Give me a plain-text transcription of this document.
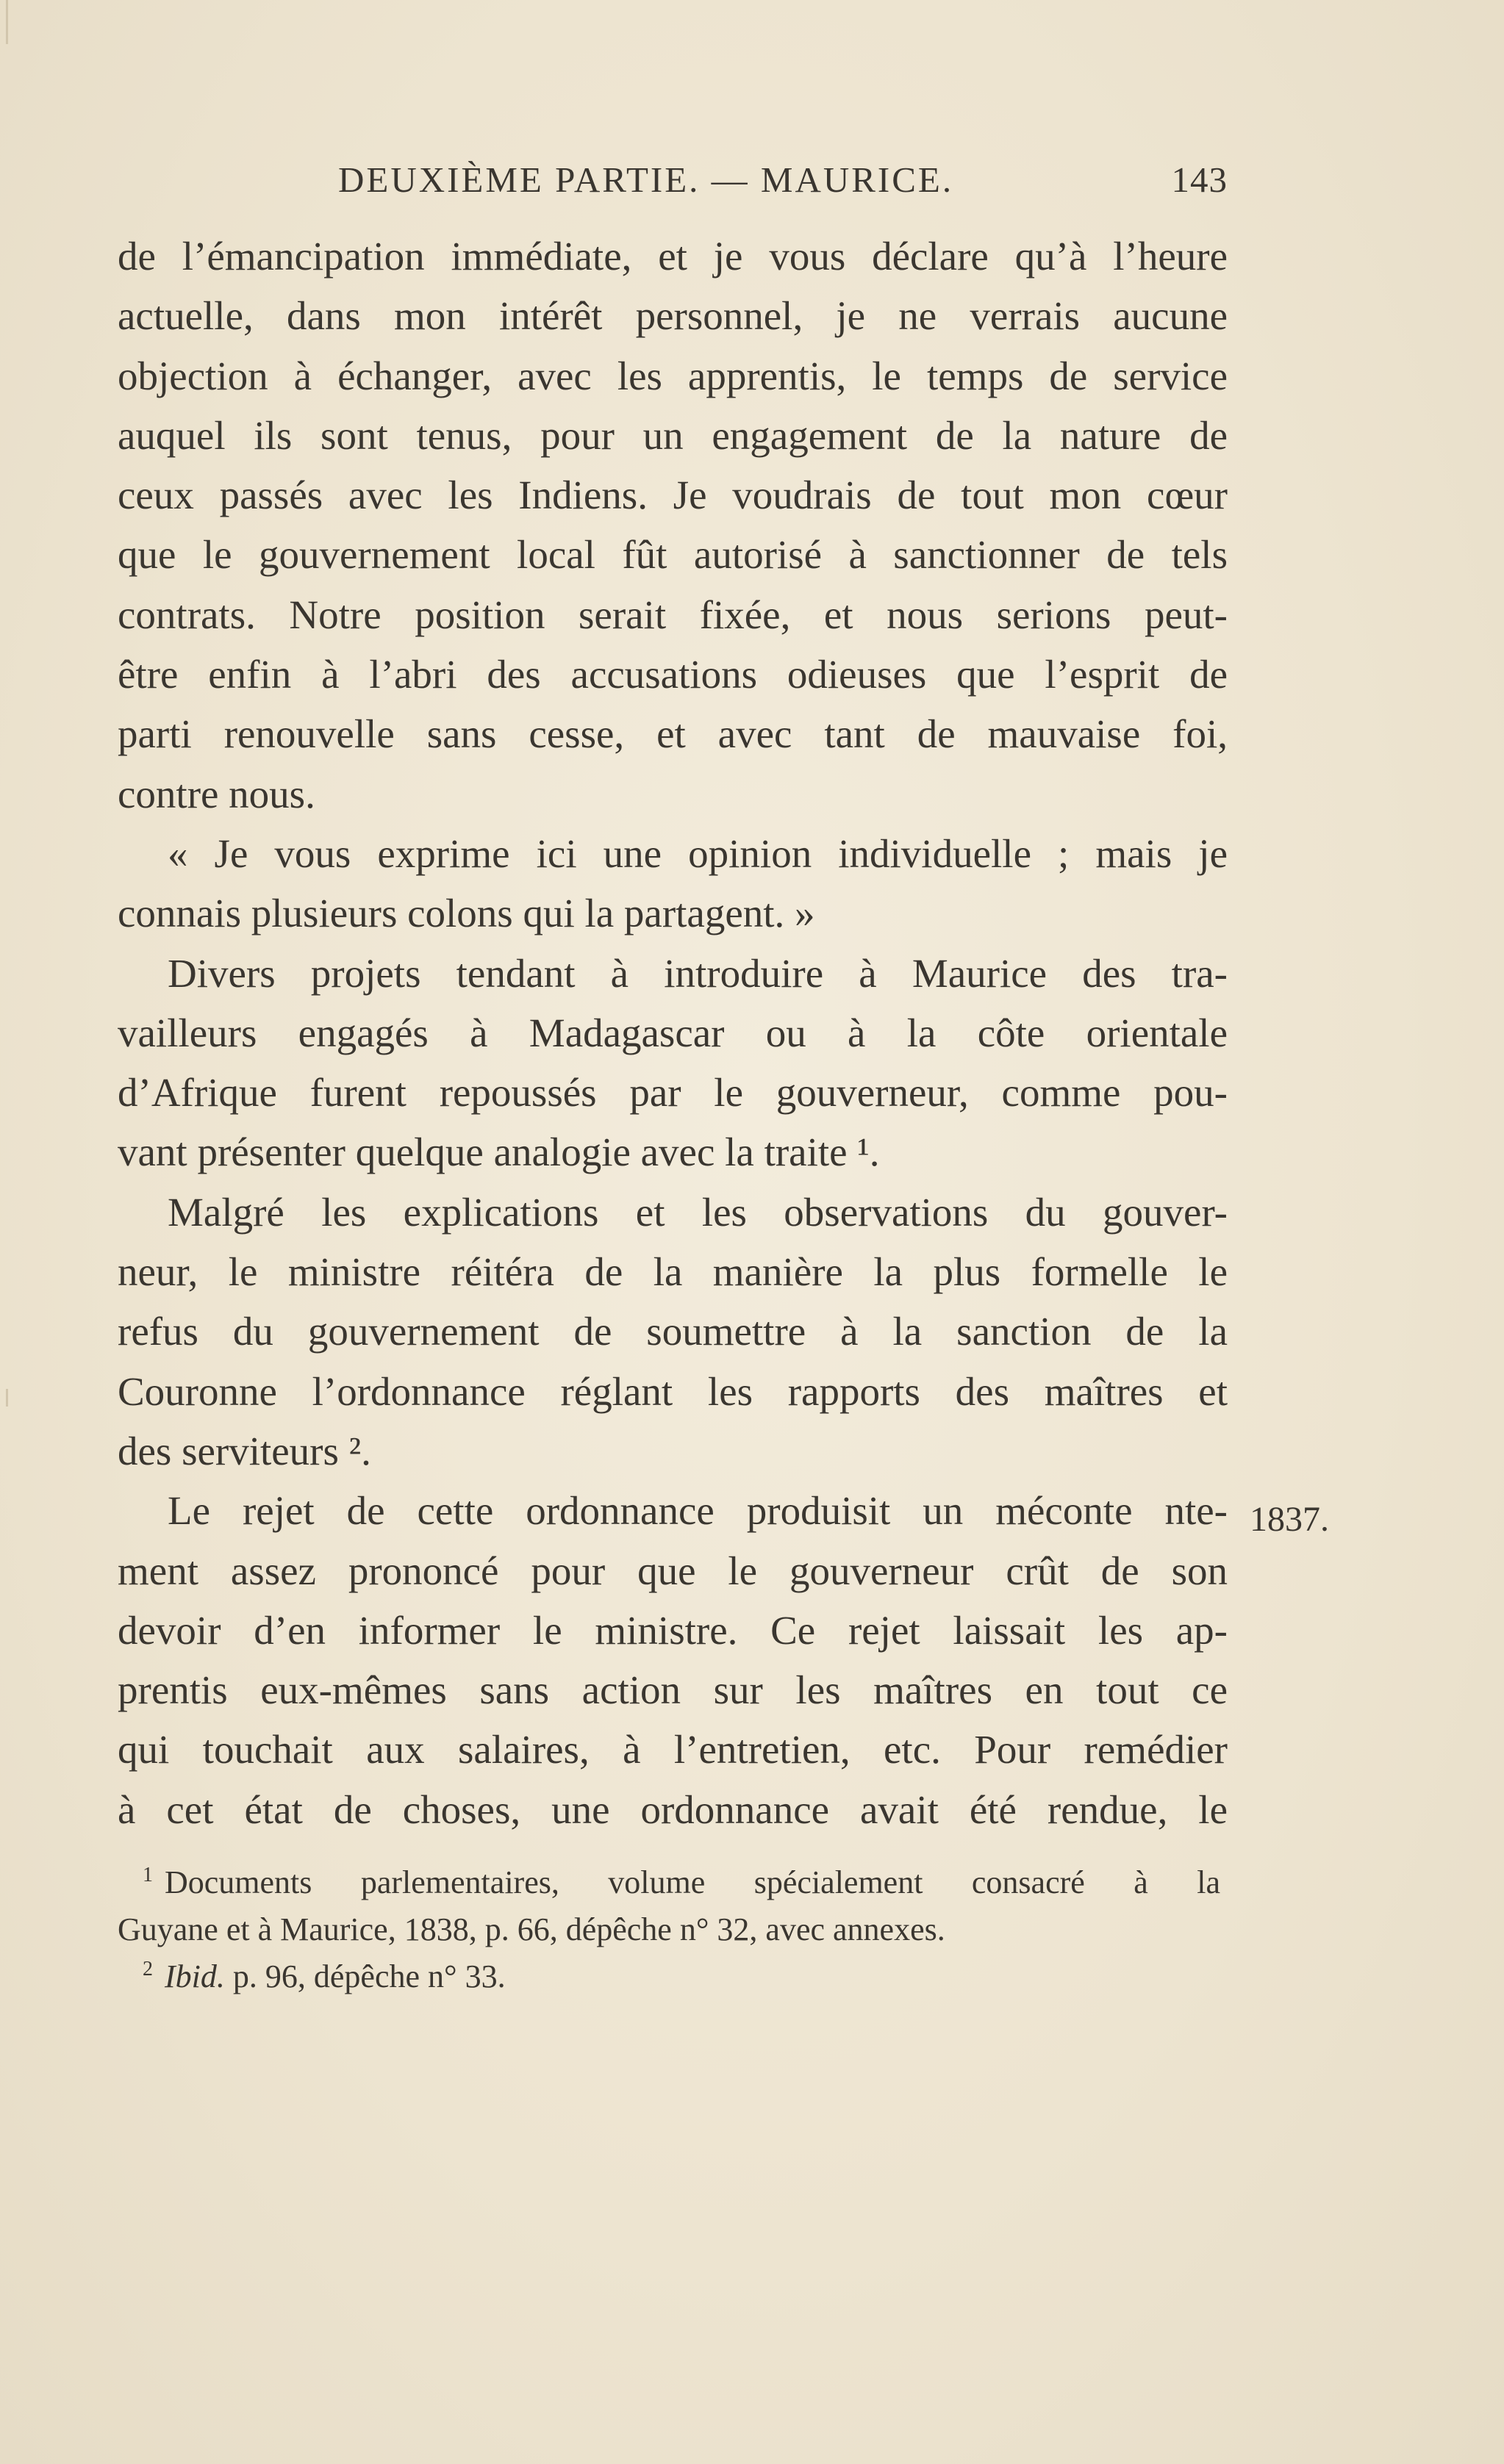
DEUXIÈME PARTIE. — MAURICE.	143
de l’émancipation immédiate, et je vous déclare qu’à l’heure
actuelle, dans mon intérêt personnel, je ne verrais aucune
objection à échanger, avec les apprentis, le temps de service
auquel ils sont tenus, pour un engagement de la nature de
ceux passés avec les Indiens. Je voudrais de tout mon cœur
que le gouvernement local fût autorisé à sanctionner de tels
contrats. Notre position serait fixée, et nous serions peut-
être enfin à l’abri des accusations odieuses que l’esprit de
parti renouvelle sans cesse, et avec tant de mauvaise foi,
contre nous.
« Je vous exprime ici une opinion individuelle ; mais je
connais plusieurs colons qui la partagent. »
Divers projets tendant à introduire à Maurice des tra-
vailleurs engagés à Madagascar ou à la côte orientale
d’Afrique furent repoussés par le gouverneur, comme pou-
vant présenter quelque analogie avec la traite ¹.
Malgré les explications et les observations du gouver-
neur, le ministre réitéra de la manière la plus formelle le
refus du gouvernement de soumettre à la sanction de la
Couronne l’ordonnance réglant les rapports des maîtres et
des serviteurs ².
Le rejet de cette ordonnance produisit un méconte nte-
ment assez prononcé pour que le gouverneur crût de son
devoir d’en informer le ministre. Ce rejet laissait les ap-
prentis eux-mêmes sans action sur les maîtres en tout ce
qui touchait aux salaires, à l’entretien, etc. Pour remédier
à cet état de choses, une ordonnance avait été rendue, le
1837.
$^1$ Documents parlementaires, volume spécialement consacré à la
Guyane et à Maurice, 1838, p. 66, dépêche n° 32, avec annexes.
$^2$ Ibid. p. 96, dépêche n° 33.
